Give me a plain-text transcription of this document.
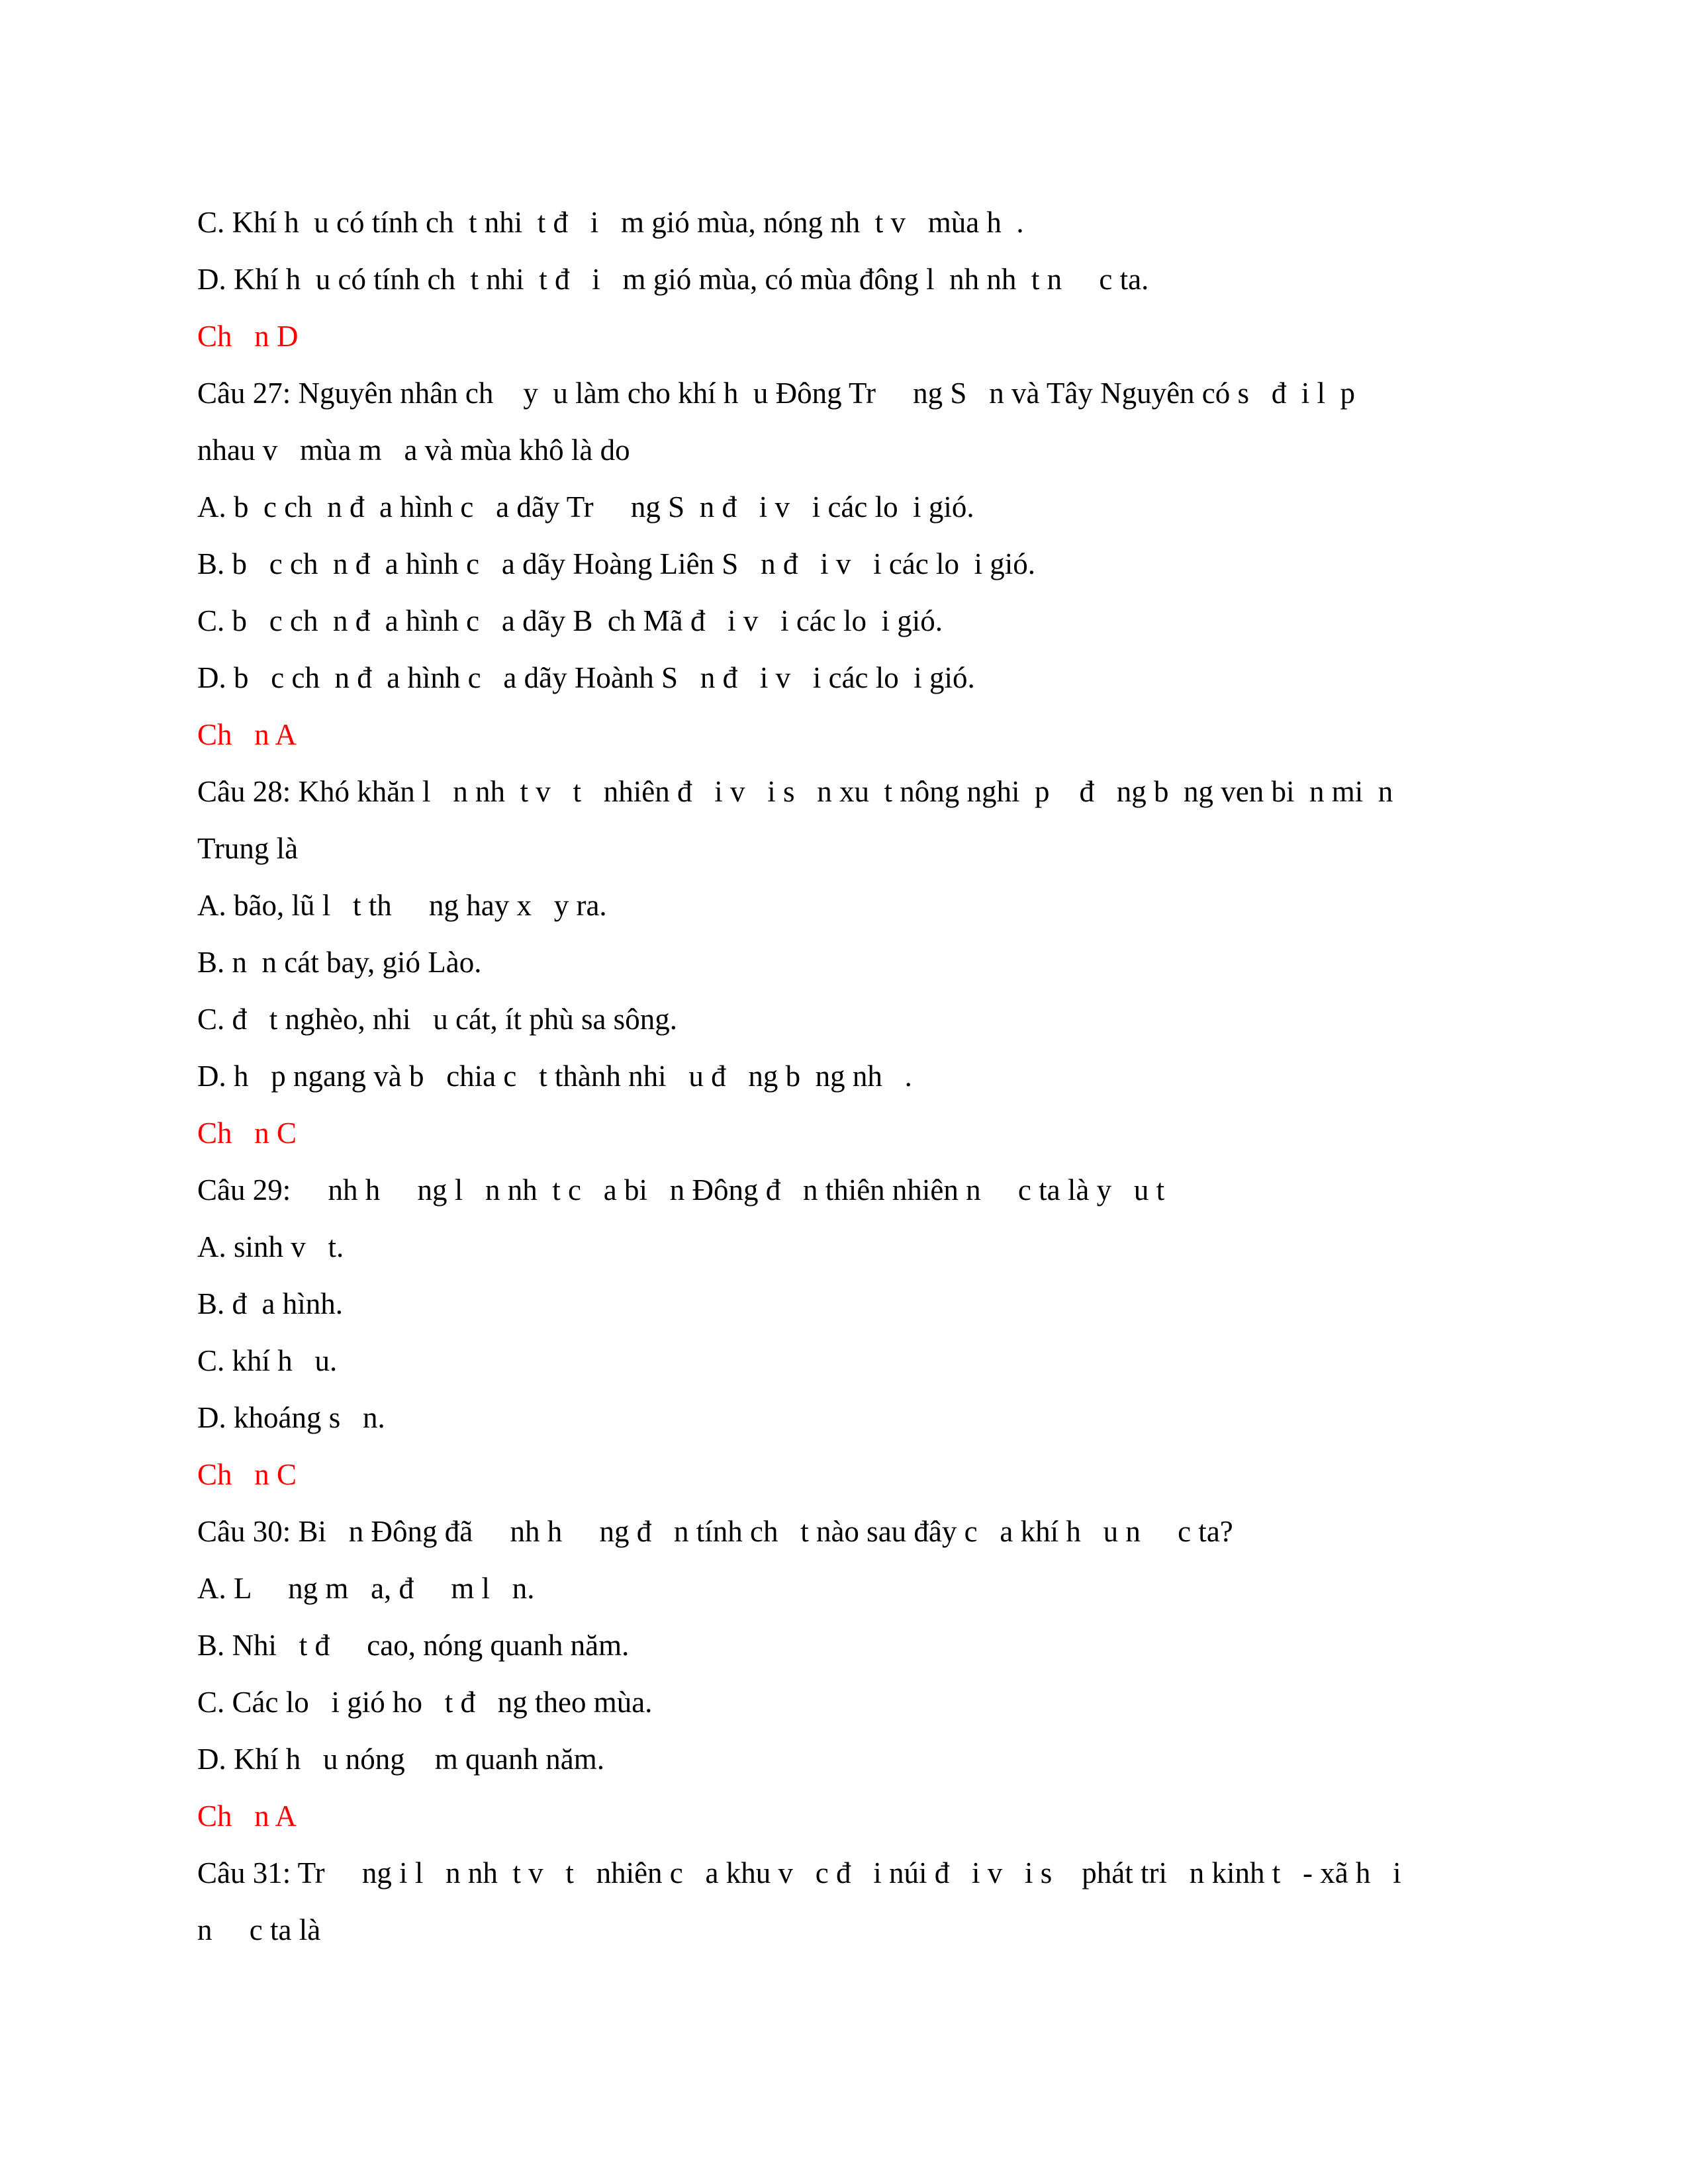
C. Khí h  u có tính ch  t nhi  t đ   i   m gió mùa, nóng nh  t v   mùa h  .

D. Khí h  u có tính ch  t nhi  t đ   i   m gió mùa, có mùa đông l  nh nh  t n     c ta.

Ch   n D

Câu 27: Nguyên nhân ch    y  u làm cho khí h  u Đông Tr     ng S   n và Tây Nguyên có s   đ  i l  p

nhau v   mùa m   a và mùa khô là do

A. b  c ch  n đ  a hình c   a dãy Tr     ng S  n đ   i v   i các lo  i gió.

B. b   c ch  n đ  a hình c   a dãy Hoàng Liên S   n đ   i v   i các lo  i gió.

C. b   c ch  n đ  a hình c   a dãy B  ch Mã đ   i v   i các lo  i gió.

D. b   c ch  n đ  a hình c   a dãy Hoành S   n đ   i v   i các lo  i gió.

Ch   n A

Câu 28: Khó khăn l   n nh  t v   t   nhiên đ   i v   i s   n xu  t nông nghi  p    đ   ng b  ng ven bi  n mi  n

Trung là

A. bão, lũ l   t th     ng hay x   y ra.

B. n  n cát bay, gió Lào.

C. đ   t nghèo, nhi   u cát, ít phù sa sông.

D. h   p ngang và b   chia c   t thành nhi   u đ   ng b  ng nh   .

Ch   n C

Câu 29:     nh h     ng l   n nh  t c   a bi   n Đông đ   n thiên nhiên n     c ta là y   u t

A. sinh v   t.

B. đ  a hình.

C. khí h   u.

D. khoáng s   n.

Ch   n C

Câu 30: Bi   n Đông đã     nh h     ng đ   n tính ch   t nào sau đây c   a khí h   u n     c ta?

A. L     ng m   a, đ     m l   n.

B. Nhi   t đ     cao, nóng quanh năm.

C. Các lo   i gió ho   t đ   ng theo mùa.

D. Khí h   u nóng    m quanh năm.

Ch   n A

Câu 31: Tr     ng i l   n nh  t v   t   nhiên c   a khu v   c đ   i núi đ   i v   i s    phát tri   n kinh t   - xã h   i

n     c ta là
